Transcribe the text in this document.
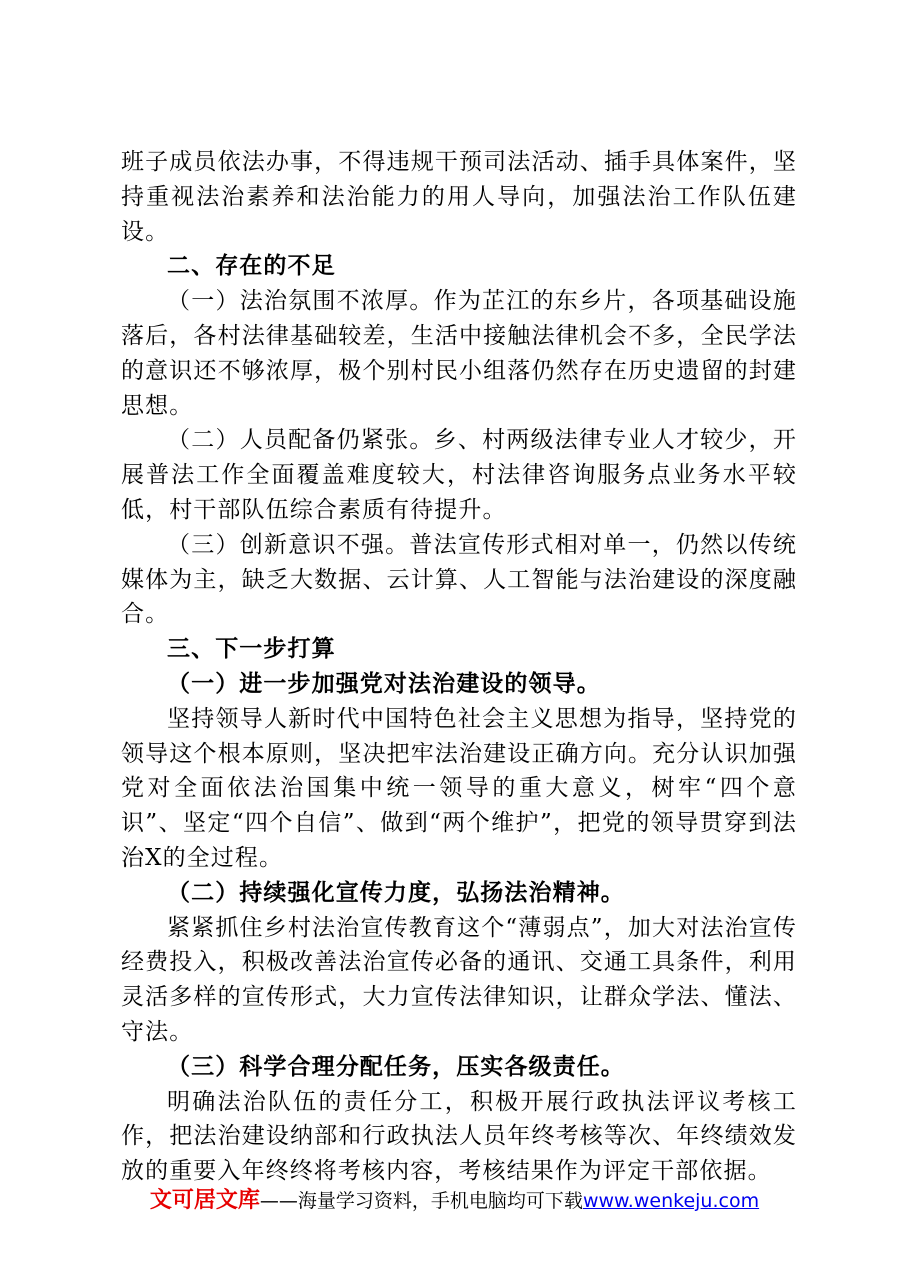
班子成员依法办事，不得违规干预司法活动、插手具体案件，坚持重视法治素养和法治能力的用人导向，加强法治工作队伍建设。

二、存在的不足

（一）法治氛围不浓厚。作为芷江的东乡片，各项基础设施落后，各村法律基础较差，生活中接触法律机会不多，全民学法的意识还不够浓厚，极个别村民小组落仍然存在历史遗留的封建思想。

（二）人员配备仍紧张。乡、村两级法律专业人才较少，开展普法工作全面覆盖难度较大，村法律咨询服务点业务水平较低，村干部队伍综合素质有待提升。

（三）创新意识不强。普法宣传形式相对单一，仍然以传统媒体为主，缺乏大数据、云计算、人工智能与法治建设的深度融合。

三、下一步打算

（一）进一步加强党对法治建设的领导。

坚持领导人新时代中国特色社会主义思想为指导，坚持党的领导这个根本原则，坚决把牢法治建设正确方向。充分认识加强党对全面依法治国集中统一领导的重大意义，树牢“四个意识”、坚定“四个自信”、做到“两个维护”，把党的领导贯穿到法治X的全过程。

（二）持续强化宣传力度，弘扬法治精神。

紧紧抓住乡村法治宣传教育这个“薄弱点”，加大对法治宣传经费投入，积极改善法治宣传必备的通讯、交通工具条件，利用灵活多样的宣传形式，大力宣传法律知识，让群众学法、懂法、守法。

（三）科学合理分配任务，压实各级责任。

明确法治队伍的责任分工，积极开展行政执法评议考核工作，把法治建设纳部和行政执法人员年终考核等次、年终绩效发放的重要入年终终将考核内容，考核结果作为评定干部依据。

文可居文库——海量学习资料，手机电脑均可下载www.wenkeju.com
